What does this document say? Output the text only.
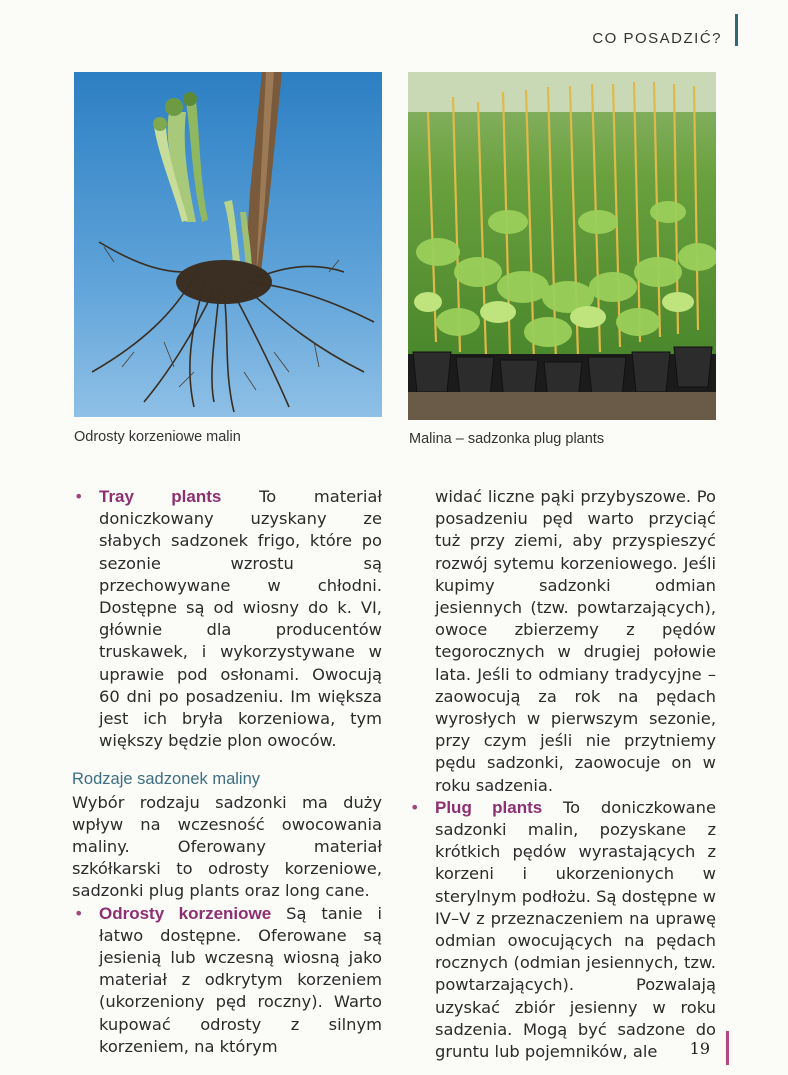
CO POSADZIĆ?
Odrosty korzeniowe malin	Malina – sadzonka plug plants

• Tray plants To materiał doniczkowany uzyskany ze słabych sadzonek frigo, które po sezonie wzrostu są przechowywane w chłodni. Dostępne są od wiosny do k. VI, głównie dla producentów truskawek, i wykorzystywane w uprawie pod osłonami. Owocują 60 dni po posadzeniu. Im większa jest ich bryła korzeniowa, tym większy będzie plon owoców.

Rodzaje sadzonek maliny

Wybór rodzaju sadzonki ma duży wpływ na wczesność owocowania maliny. Oferowany materiał szkółkarski to odrosty korzeniowe, sadzonki plug plants oraz long cane.

• Odrosty korzeniowe Są tanie i łatwo dostępne. Oferowane są jesienią lub wczesną wiosną jako materiał z odkrytym korzeniem (ukorzeniony pęd roczny). Warto kupować odrosty z silnym korzeniem, na którym

widać liczne pąki przybyszowe. Po posadzeniu pęd warto przyciąć tuż przy ziemi, aby przyspieszyć rozwój sytemu korzeniowego. Jeśli kupimy sadzonki odmian jesiennych (tzw. powtarzających), owoce zbierzemy z pędów tegorocznych w drugiej połowie lata. Jeśli to odmiany tradycyjne – zaowocują za rok na pędach wyrosłych w pierwszym sezonie, przy czym jeśli nie przytniemy pędu sadzonki, zaowocuje on w roku sadzenia.

• Plug plants To doniczkowane sadzonki malin, pozyskane z krótkich pędów wyrastających z korzeni i ukorzenionych w sterylnym podłożu. Są dostępne w IV–V z przeznaczeniem na uprawę odmian owocujących na pędach rocznych (odmian jesiennych, tzw. powtarzających). Pozwalają uzyskać zbiór jesienny w roku sadzenia. Mogą być sadzone do gruntu lub pojemników, ale	19
